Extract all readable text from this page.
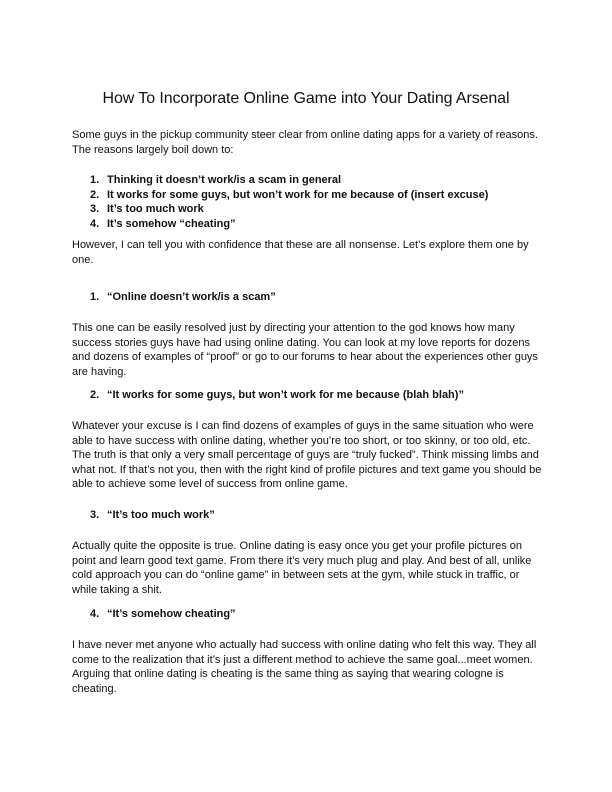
How To Incorporate Online Game into Your Dating Arsenal

Some guys in the pickup community steer clear from online dating apps for a variety of reasons. The reasons largely boil down to:

1. Thinking it doesn’t work/is a scam in general
2. It works for some guys, but won’t work for me because of (insert excuse)
3. It’s too much work
4. It’s somehow “cheating”

However, I can tell you with confidence that these are all nonsense. Let’s explore them one by one.

1. “Online doesn’t work/is a scam”

This one can be easily resolved just by directing your attention to the god knows how many success stories guys have had using online dating. You can look at my love reports for dozens and dozens of examples of “proof” or go to our forums to hear about the experiences other guys are having.

2. “It works for some guys, but won’t work for me because (blah blah)”

Whatever your excuse is I can find dozens of examples of guys in the same situation who were able to have success with online dating, whether you’re too short, or too skinny, or too old, etc. The truth is that only a very small percentage of guys are “truly fucked”. Think missing limbs and what not. If that’s not you, then with the right kind of profile pictures and text game you should be able to achieve some level of success from online game.

3. “It’s too much work”

Actually quite the opposite is true. Online dating is easy once you get your profile pictures on point and learn good text game. From there it’s very much plug and play. And best of all, unlike cold approach you can do “online game” in between sets at the gym, while stuck in traffic, or while taking a shit.

4. “It’s somehow cheating”

I have never met anyone who actually had success with online dating who felt this way. They all come to the realization that it’s just a different method to achieve the same goal...meet women. Arguing that online dating is cheating is the same thing as saying that wearing cologne is cheating.
